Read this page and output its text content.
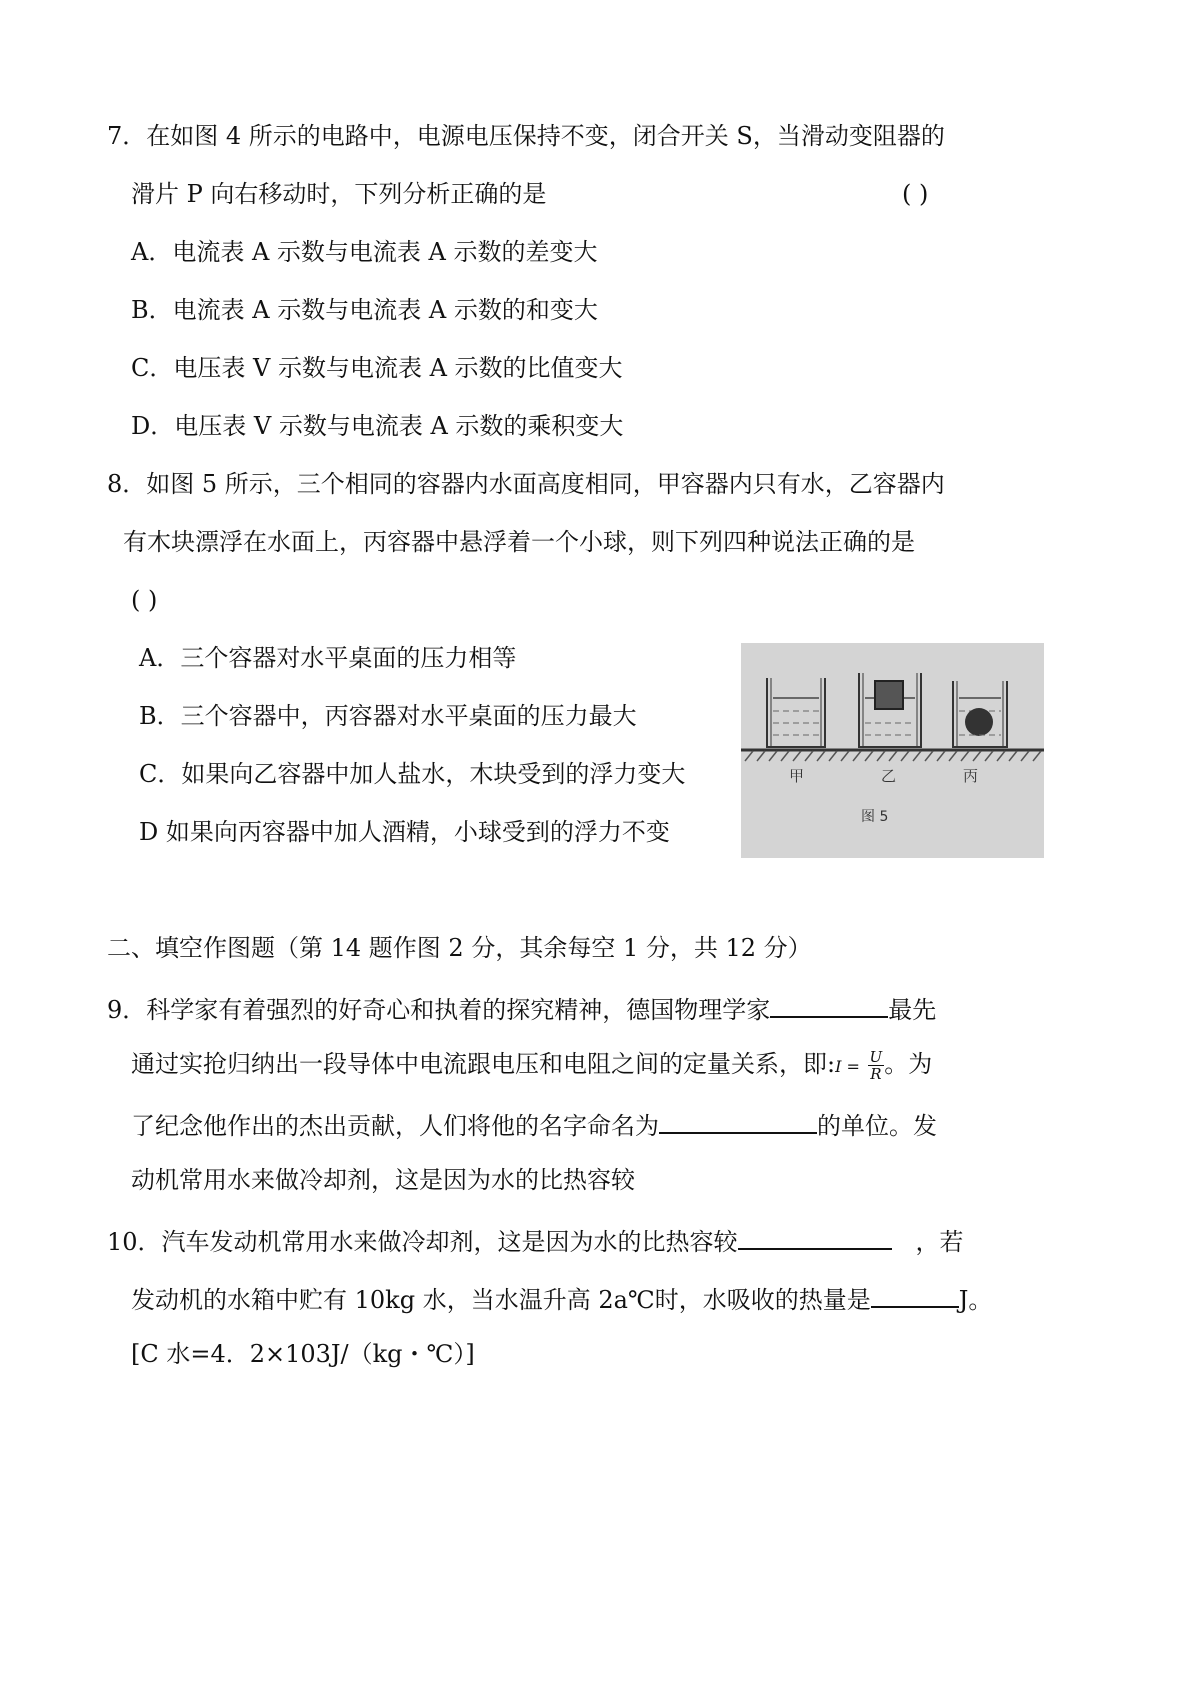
7．在如图 4 所示的电路中，电源电压保持不变，闭合开关 S，当滑动变阻器的
滑片 P 向右移动时，下列分析正确的是	( )
A．电流表 A 示数与电流表 A 示数的差变大
B．电流表 A 示数与电流表 A 示数的和变大
C．电压表 V 示数与电流表 A 示数的比值变大
D．电压表 V 示数与电流表 A 示数的乘积变大
8．如图 5 所示，三个相同的容器内水面高度相同，甲容器内只有水，乙容器内
有木块漂浮在水面上，丙容器中悬浮着一个小球，则下列四种说法正确的是
( )
A．三个容器对水平桌面的压力相等
B．三个容器中，丙容器对水平桌面的压力最大
C．如果向乙容器中加人盐水，木块受到的浮力变大
D 如果向丙容器中加人酒精，小球受到的浮力不变
甲	乙	丙
图 5
二、填空作图题（第 14 题作图 2 分，其余每空 1 分，共 12 分）
9．科学家有着强烈的好奇心和执着的探究精神，德国物理学家	最先
通过实抢归纳出一段导体中电流跟电压和电阻之间的定量关系，即:I = $\frac{U}{R}$ 。为
了纪念他作出的杰出贡献，人们将他的名字命名为	的单位。发
动机常用水来做冷却剂，这是因为水的比热容较
10．汽车发动机常用水来做冷却剂，这是因为水的比热容较	，若
发动机的水箱中贮有 10kg 水，当水温升高 2a℃时，水吸收的热量是	J。
[C 水=4．2×103J/（kg・℃）]
